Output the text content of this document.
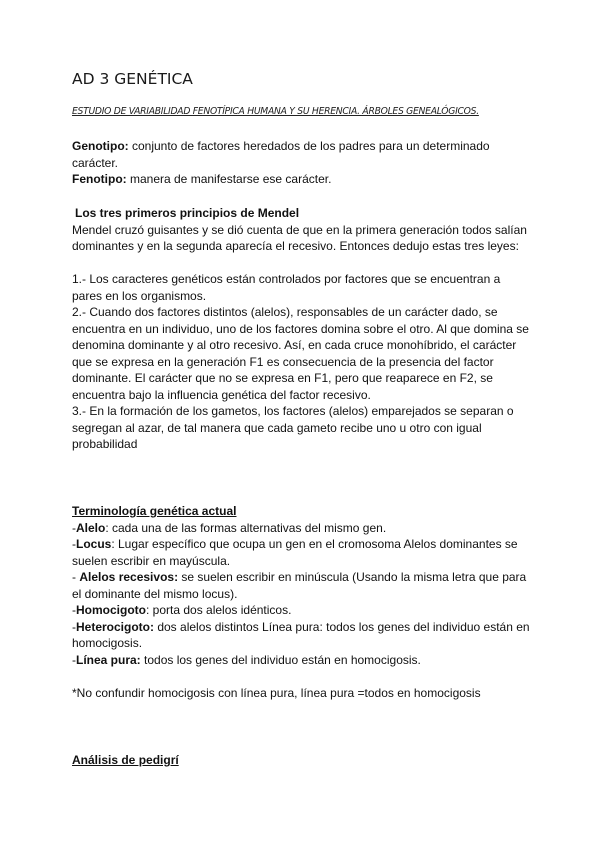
AD 3 GENÉTICA
ESTUDIO DE VARIABILIDAD FENOTÍPICA HUMANA Y SU HERENCIA. ÁRBOLES GENEALÓGICOS.

Genotipo: conjunto de factores heredados de los padres para un determinado carácter.

Fenotipo: manera de manifestarse ese carácter.

Los tres primeros principios de Mendel

Mendel cruzó guisantes y se dió cuenta de que en la primera generación todos salían dominantes y en la segunda aparecía el recesivo. Entonces dedujo estas tres leyes:

1.- Los caracteres genéticos están controlados por factores que se encuentran a pares en los organismos.

2.- Cuando dos factores distintos (alelos), responsables de un carácter dado, se encuentra en un individuo, uno de los factores domina sobre el otro. Al que domina se denomina dominante y al otro recesivo. Así, en cada cruce monohíbrido, el carácter que se expresa en la generación F1 es consecuencia de la presencia del factor dominante. El carácter que no se expresa en F1, pero que reaparece en F2, se encuentra bajo la influencia genética del factor recesivo.

3.- En la formación de los gametos, los factores (alelos) emparejados se separan o segregan al azar, de tal manera que cada gameto recibe uno u otro con igual probabilidad

Terminología genética actual

-Alelo: cada una de las formas alternativas del mismo gen.

-Locus: Lugar específico que ocupa un gen en el cromosoma Alelos dominantes se suelen escribir en mayúscula.

- Alelos recesivos: se suelen escribir en minúscula (Usando la misma letra que para el dominante del mismo locus).

-Homocigoto: porta dos alelos idénticos.

-Heterocigoto: dos alelos distintos Línea pura: todos los genes del individuo están en homocigosis.

-Línea pura: todos los genes del individuo están en homocigosis.

*No confundir homocigosis con línea pura, línea pura =todos en homocigosis

Análisis de pedigrí
